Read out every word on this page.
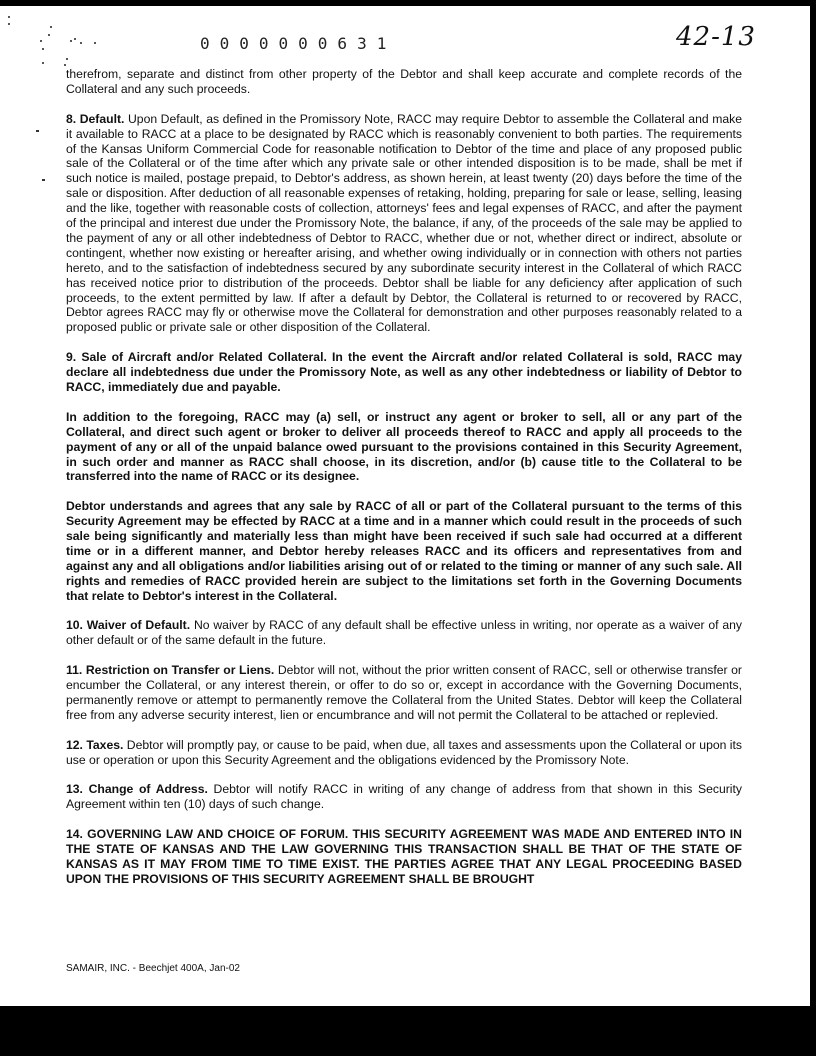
0000000631	42-13

therefrom, separate and distinct from other property of the Debtor and shall keep accurate and complete records of the Collateral and any such proceeds.

8. Default. Upon Default, as defined in the Promissory Note, RACC may require Debtor to assemble the Collateral and make it available to RACC at a place to be designated by RACC which is reasonably convenient to both parties. The requirements of the Kansas Uniform Commercial Code for reasonable notification to Debtor of the time and place of any proposed public sale of the Collateral or of the time after which any private sale or other intended disposition is to be made, shall be met if such notice is mailed, postage prepaid, to Debtor's address, as shown herein, at least twenty (20) days before the time of the sale or disposition. After deduction of all reasonable expenses of retaking, holding, preparing for sale or lease, selling, leasing and the like, together with reasonable costs of collection, attorneys' fees and legal expenses of RACC, and after the payment of the principal and interest due under the Promissory Note, the balance, if any, of the proceeds of the sale may be applied to the payment of any or all other indebtedness of Debtor to RACC, whether due or not, whether direct or indirect, absolute or contingent, whether now existing or hereafter arising, and whether owing individually or in connection with others not parties hereto, and to the satisfaction of indebtedness secured by any subordinate security interest in the Collateral of which RACC has received notice prior to distribution of the proceeds. Debtor shall be liable for any deficiency after application of such proceeds, to the extent permitted by law. If after a default by Debtor, the Collateral is returned to or recovered by RACC, Debtor agrees RACC may fly or otherwise move the Collateral for demonstration and other purposes reasonably related to a proposed public or private sale or other disposition of the Collateral.

9. Sale of Aircraft and/or Related Collateral. In the event the Aircraft and/or related Collateral is sold, RACC may declare all indebtedness due under the Promissory Note, as well as any other indebtedness or liability of Debtor to RACC, immediately due and payable.

In addition to the foregoing, RACC may (a) sell, or instruct any agent or broker to sell, all or any part of the Collateral, and direct such agent or broker to deliver all proceeds thereof to RACC and apply all proceeds to the payment of any or all of the unpaid balance owed pursuant to the provisions contained in this Security Agreement, in such order and manner as RACC shall choose, in its discretion, and/or (b) cause title to the Collateral to be transferred into the name of RACC or its designee.

Debtor understands and agrees that any sale by RACC of all or part of the Collateral pursuant to the terms of this Security Agreement may be effected by RACC at a time and in a manner which could result in the proceeds of such sale being significantly and materially less than might have been received if such sale had occurred at a different time or in a different manner, and Debtor hereby releases RACC and its officers and representatives from and against any and all obligations and/or liabilities arising out of or related to the timing or manner of any such sale. All rights and remedies of RACC provided herein are subject to the limitations set forth in the Governing Documents that relate to Debtor's interest in the Collateral.

10. Waiver of Default. No waiver by RACC of any default shall be effective unless in writing, nor operate as a waiver of any other default or of the same default in the future.

11. Restriction on Transfer or Liens. Debtor will not, without the prior written consent of RACC, sell or otherwise transfer or encumber the Collateral, or any interest therein, or offer to do so or, except in accordance with the Governing Documents, permanently remove or attempt to permanently remove the Collateral from the United States. Debtor will keep the Collateral free from any adverse security interest, lien or encumbrance and will not permit the Collateral to be attached or replevied.

12. Taxes. Debtor will promptly pay, or cause to be paid, when due, all taxes and assessments upon the Collateral or upon its use or operation or upon this Security Agreement and the obligations evidenced by the Promissory Note.

13. Change of Address. Debtor will notify RACC in writing of any change of address from that shown in this Security Agreement within ten (10) days of such change.

14. GOVERNING LAW AND CHOICE OF FORUM. THIS SECURITY AGREEMENT WAS MADE AND ENTERED INTO IN THE STATE OF KANSAS AND THE LAW GOVERNING THIS TRANSACTION SHALL BE THAT OF THE STATE OF KANSAS AS IT MAY FROM TIME TO TIME EXIST. THE PARTIES AGREE THAT ANY LEGAL PROCEEDING BASED UPON THE PROVISIONS OF THIS SECURITY AGREEMENT SHALL BE BROUGHT

SAMAIR, INC. - Beechjet 400A, Jan-02
